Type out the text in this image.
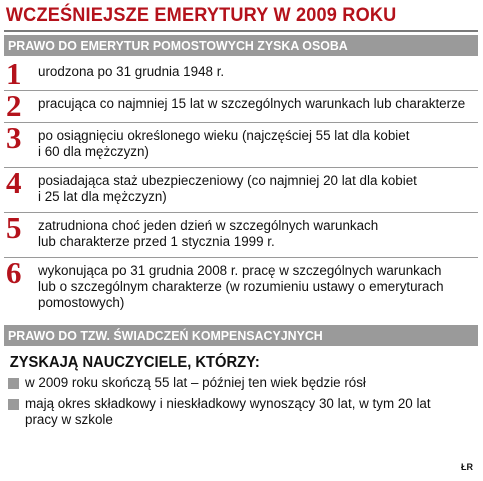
WCZEŚNIEJSZE EMERYTURY W 2009 ROKU
PRAWO DO EMERYTUR POMOSTOWYCH ZYSKA OSOBA
1	urodzona po 31 grudnia 1948 r.
2	pracująca co najmniej 15 lat w szczególnych warunkach lub charakterze
3	po osiągnięciu określonego wieku (najczęściej 55 lat dla kobiet
i 60 dla mężczyzn)
4	posiadająca staż ubezpieczeniowy (co najmniej 20 lat dla kobiet
i 25 lat dla mężczyzn)
5	zatrudniona choć jeden dzień w szczególnych warunkach
lub charakterze przed 1 stycznia 1999 r.
6	wykonująca po 31 grudnia 2008 r. pracę w szczególnych warunkach
lub o szczególnym charakterze (w rozumieniu ustawy o emeryturach
pomostowych)
PRAWO DO TZW. ŚWIADCZEŃ KOMPENSACYJNYCH
ZYSKAJĄ NAUCZYCIELE, KTÓRZY:
w 2009 roku skończą 55 lat – później ten wiek będzie rósł
mają okres składkowy i nieskładkowy wynoszący 30 lat, w tym 20 lat
pracy w szkole
ŁR
